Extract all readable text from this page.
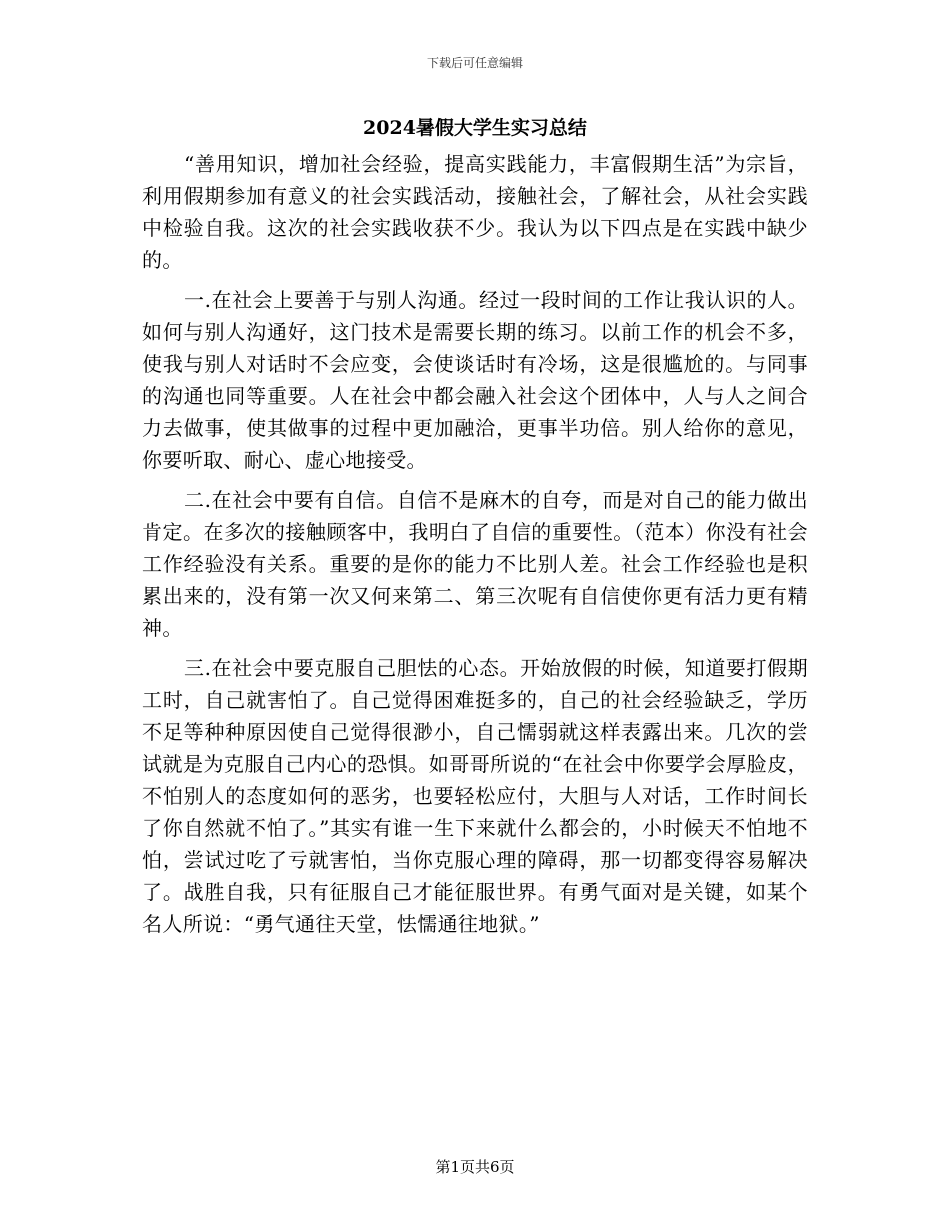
下载后可任意编辑
2024暑假大学生实习总结

“善用知识，增加社会经验，提高实践能力，丰富假期生活”为宗旨，利用假期参加有意义的社会实践活动，接触社会，了解社会，从社会实践中检验自我。这次的社会实践收获不少。我认为以下四点是在实践中缺少的。

一.在社会上要善于与别人沟通。经过一段时间的工作让我认识的人。如何与别人沟通好，这门技术是需要长期的练习。以前工作的机会不多，使我与别人对话时不会应变，会使谈话时有冷场，这是很尴尬的。与同事的沟通也同等重要。人在社会中都会融入社会这个团体中，人与人之间合力去做事，使其做事的过程中更加融洽，更事半功倍。别人给你的意见，你要听取、耐心、虚心地接受。

二.在社会中要有自信。自信不是麻木的自夸，而是对自己的能力做出肯定。在多次的接触顾客中，我明白了自信的重要性。（范本）你没有社会工作经验没有关系。重要的是你的能力不比别人差。社会工作经验也是积累出来的，没有第一次又何来第二、第三次呢有自信使你更有活力更有精神。

三.在社会中要克服自己胆怯的心态。开始放假的时候，知道要打假期工时，自己就害怕了。自己觉得困难挺多的，自己的社会经验缺乏，学历不足等种种原因使自己觉得很渺小，自己懦弱就这样表露出来。几次的尝试就是为克服自己内心的恐惧。如哥哥所说的“在社会中你要学会厚脸皮，不怕别人的态度如何的恶劣，也要轻松应付，大胆与人对话，工作时间长了你自然就不怕了。”其实有谁一生下来就什么都会的，小时候天不怕地不怕，尝试过吃了亏就害怕，当你克服心理的障碍，那一切都变得容易解决了。战胜自我，只有征服自己才能征服世界。有勇气面对是关键，如某个名人所说：“勇气通往天堂，怯懦通往地狱。”

第1页共6页
